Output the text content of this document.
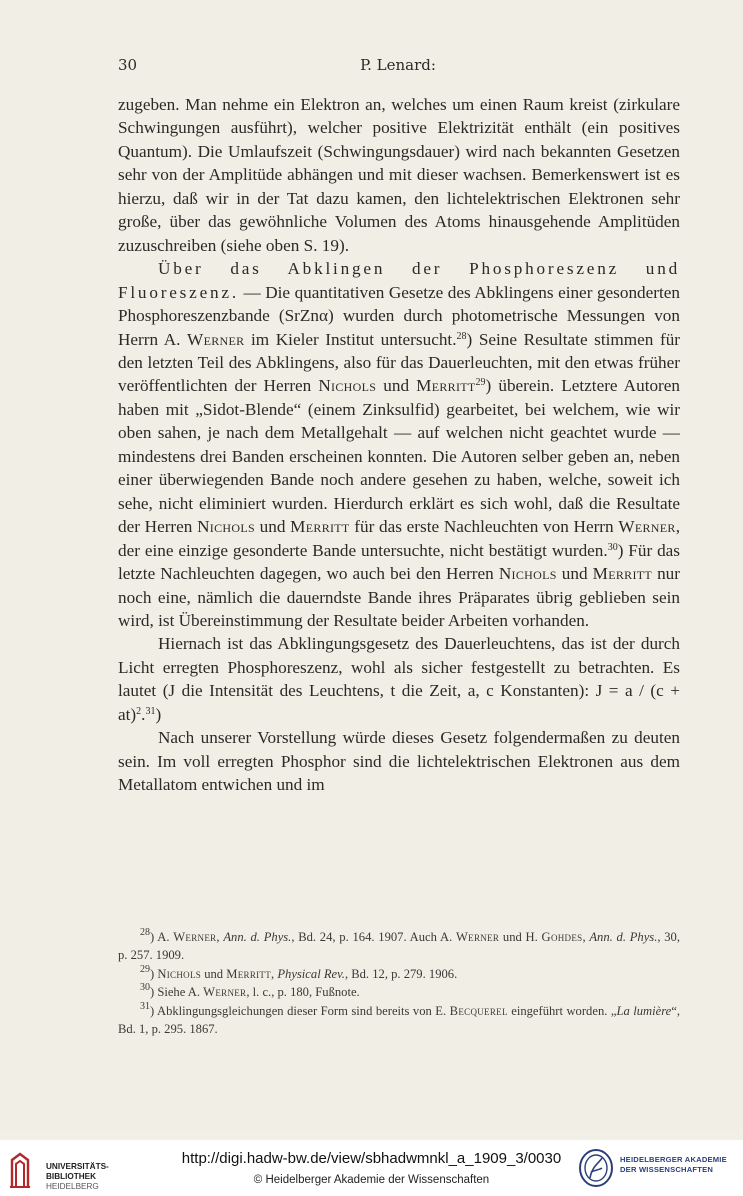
30	P. Lenard:

zugeben. Man nehme ein Elektron an, welches um einen Raum kreist (zirkulare Schwingungen ausführt), welcher positive Elektrizität enthält (ein positives Quantum). Die Umlaufszeit (Schwingungsdauer) wird nach bekannten Gesetzen sehr von der Amplitüde abhängen und mit dieser wachsen. Bemerkenswert ist es hierzu, daß wir in der Tat dazu kamen, den lichtelektrischen Elektronen sehr große, über das gewöhnliche Volumen des Atoms hinausgehende Amplitüden zuzuschreiben (siehe oben S. 19).

Über das Abklingen der Phosphoreszenz und Fluoreszenz. — Die quantitativen Gesetze des Abklingens einer gesonderten Phosphoreszenzbande (SrZnα) wurden durch photometrische Messungen von Herrn A. Werner im Kieler Institut untersucht.$^{28}$) Seine Resultate stimmen für den letzten Teil des Abklingens, also für das Dauerleuchten, mit den etwas früher veröffentlichten der Herren Nichols und Merritt$^{29}$) überein. Letztere Autoren haben mit „Sidot-Blende“ (einem Zinksulfid) gearbeitet, bei welchem, wie wir oben sahen, je nach dem Metallgehalt — auf welchen nicht geachtet wurde — mindestens drei Banden erscheinen konnten. Die Autoren selber geben an, neben einer überwiegenden Bande noch andere gesehen zu haben, welche, soweit ich sehe, nicht eliminiert wurden. Hierdurch erklärt es sich wohl, daß die Resultate der Herren Nichols und Merritt für das erste Nachleuchten von Herrn Werner, der eine einzige gesonderte Bande untersuchte, nicht bestätigt wurden.$^{30}$) Für das letzte Nachleuchten dagegen, wo auch bei den Herren Nichols und Merritt nur noch eine, nämlich die dauerndste Bande ihres Präparates übrig geblieben sein wird, ist Übereinstimmung der Resultate beider Arbeiten vorhanden.

Hiernach ist das Abklingungsgesetz des Dauerleuchtens, das ist der durch Licht erregten Phosphoreszenz, wohl als sicher festgestellt zu betrachten. Es lautet (J die Intensität des Leuchtens, t die Zeit, a, c Konstanten): J = a / (c + at)$^2$.$^{31}$)

Nach unserer Vorstellung würde dieses Gesetz folgendermaßen zu deuten sein. Im voll erregten Phosphor sind die lichtelektrischen Elektronen aus dem Metallatom entwichen und im

$^{28}$) A. Werner, Ann. d. Phys., Bd. 24, p. 164. 1907. Auch A. Werner und H. Gohdes, Ann. d. Phys., 30, p. 257. 1909.

$^{29}$) Nichols und Merritt, Physical Rev., Bd. 12, p. 279. 1906.

$^{30}$) Siehe A. Werner, l. c., p. 180, Fußnote.

$^{31}$) Abklingungsgleichungen dieser Form sind bereits von E. Becquerel eingeführt worden. „La lumière“, Bd. 1, p. 295. 1867.

UNIVERSITÄTS-
BIBLIOTHEK
HEIDELBERG
http://digi.hadw-bw.de/view/sbhadwmnkl_a_1909_3/0030
© Heidelberger Akademie der Wissenschaften
HEIDELBERGER AKADEMIE
DER WISSENSCHAFTEN
